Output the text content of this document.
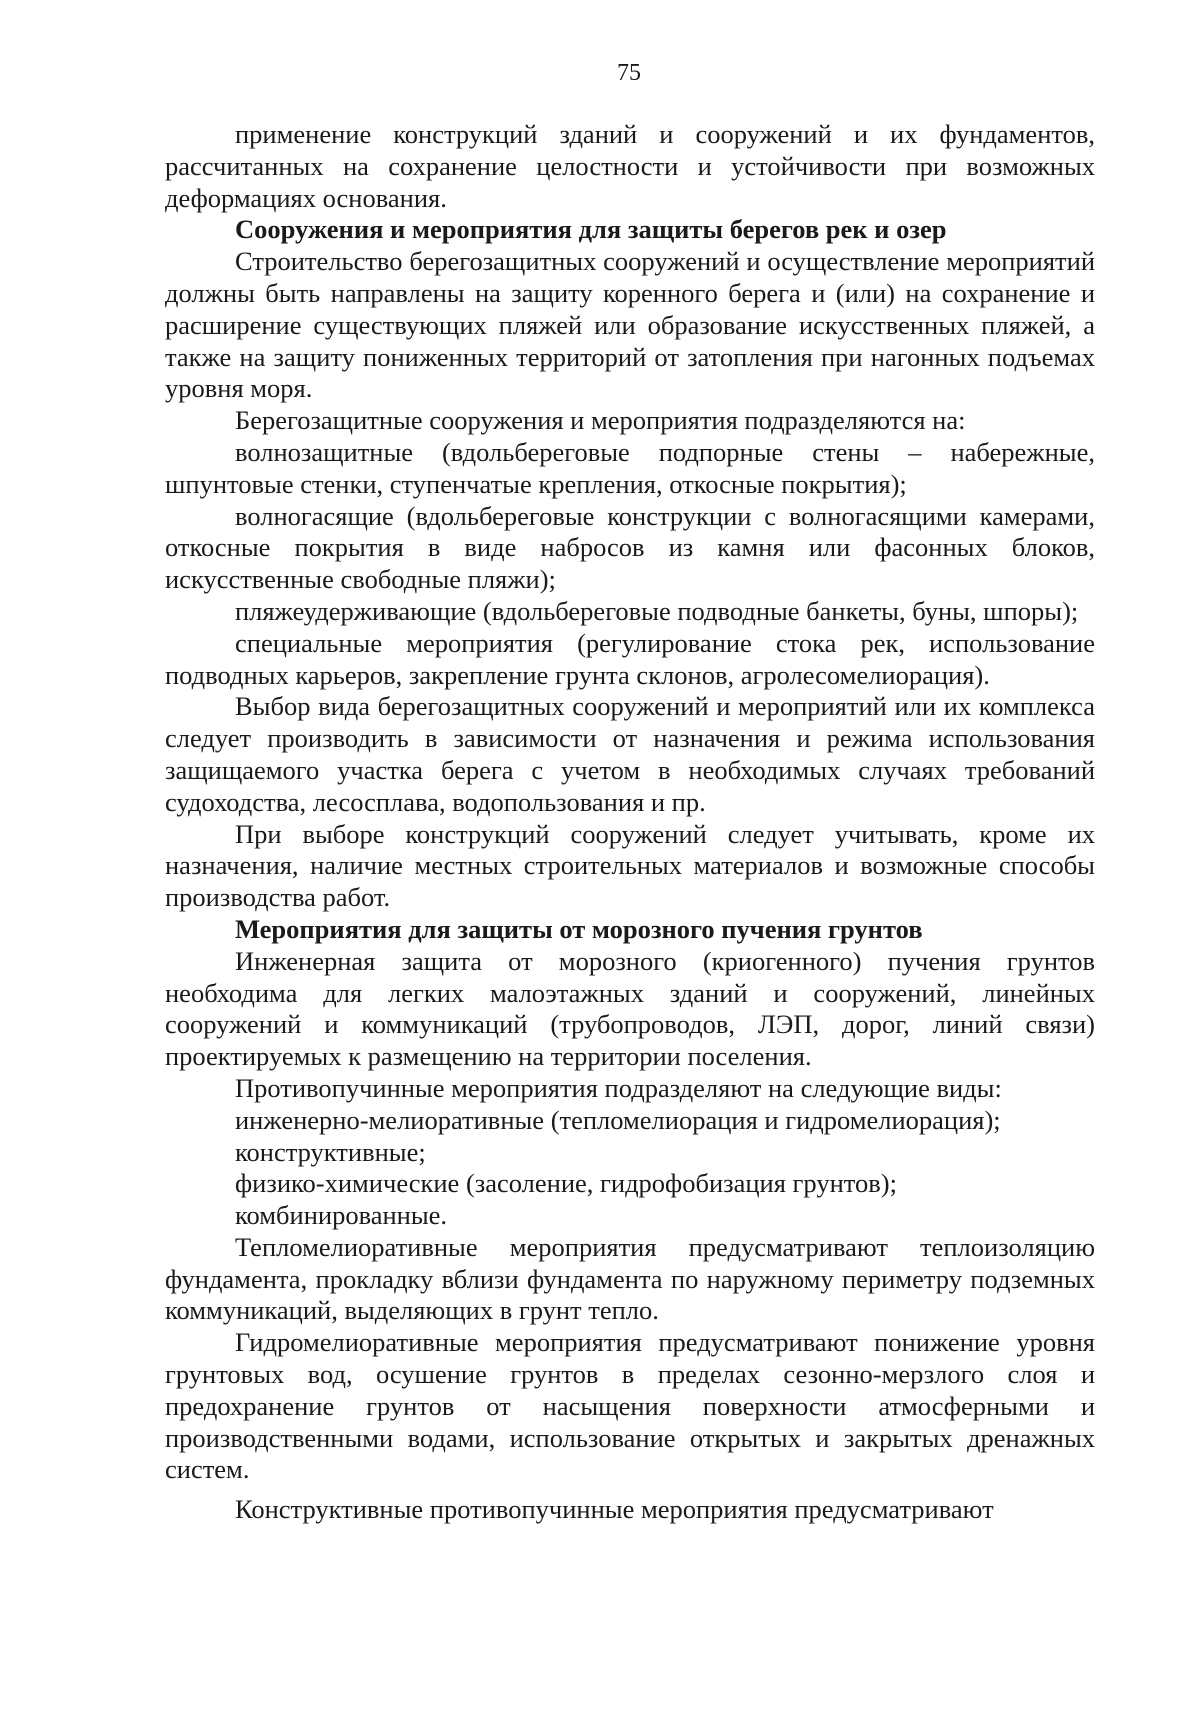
75

применение конструкций зданий и сооружений и их фундаментов, рассчитанных на сохранение целостности и устойчивости при возможных деформациях основания.

Сооружения и мероприятия для защиты берегов рек и озер

Строительство берегозащитных сооружений и осуществление мероприятий должны быть направлены на защиту коренного берега и (или) на сохранение и расширение существующих пляжей или образование искусственных пляжей, а также на защиту пониженных территорий от затопления при нагонных подъемах уровня моря.

Берегозащитные сооружения и мероприятия подразделяются на:

волнозащитные (вдольбереговые подпорные стены – набережные, шпунтовые стенки, ступенчатые крепления, откосные покрытия);

волногасящие (вдольбереговые конструкции с волногасящими камерами, откосные покрытия в виде набросов из камня или фасонных блоков, искусственные свободные пляжи);

пляжеудерживающие (вдольбереговые подводные банкеты, буны, шпоры);

специальные мероприятия (регулирование стока рек, использование подводных карьеров, закрепление грунта склонов, агролесомелиорация).

Выбор вида берегозащитных сооружений и мероприятий или их комплекса следует производить в зависимости от назначения и режима использования защищаемого участка берега с учетом в необходимых случаях требований судоходства, лесосплава, водопользования и пр.

При выборе конструкций сооружений следует учитывать, кроме их назначения, наличие местных строительных материалов и возможные способы производства работ.

Мероприятия для защиты от морозного пучения грунтов

Инженерная защита от морозного (криогенного) пучения грунтов необходима для легких малоэтажных зданий и сооружений, линейных сооружений и коммуникаций (трубопроводов, ЛЭП, дорог, линий связи) проектируемых к размещению на территории поселения.

Противопучинные мероприятия подразделяют на следующие виды:

инженерно-мелиоративные (тепломелиорация и гидромелиорация);

конструктивные;

физико-химические (засоление, гидрофобизация грунтов);

комбинированные.

Тепломелиоративные мероприятия предусматривают теплоизоляцию фундамента, прокладку вблизи фундамента по наружному периметру подземных коммуникаций, выделяющих в грунт тепло.

Гидромелиоративные мероприятия предусматривают понижение уровня грунтовых вод, осушение грунтов в пределах сезонно-мерзлого слоя и предохранение грунтов от насыщения поверхности атмосферными и производственными водами, использование открытых и закрытых дренажных систем.

Конструктивные противопучинные мероприятия предусматривают
